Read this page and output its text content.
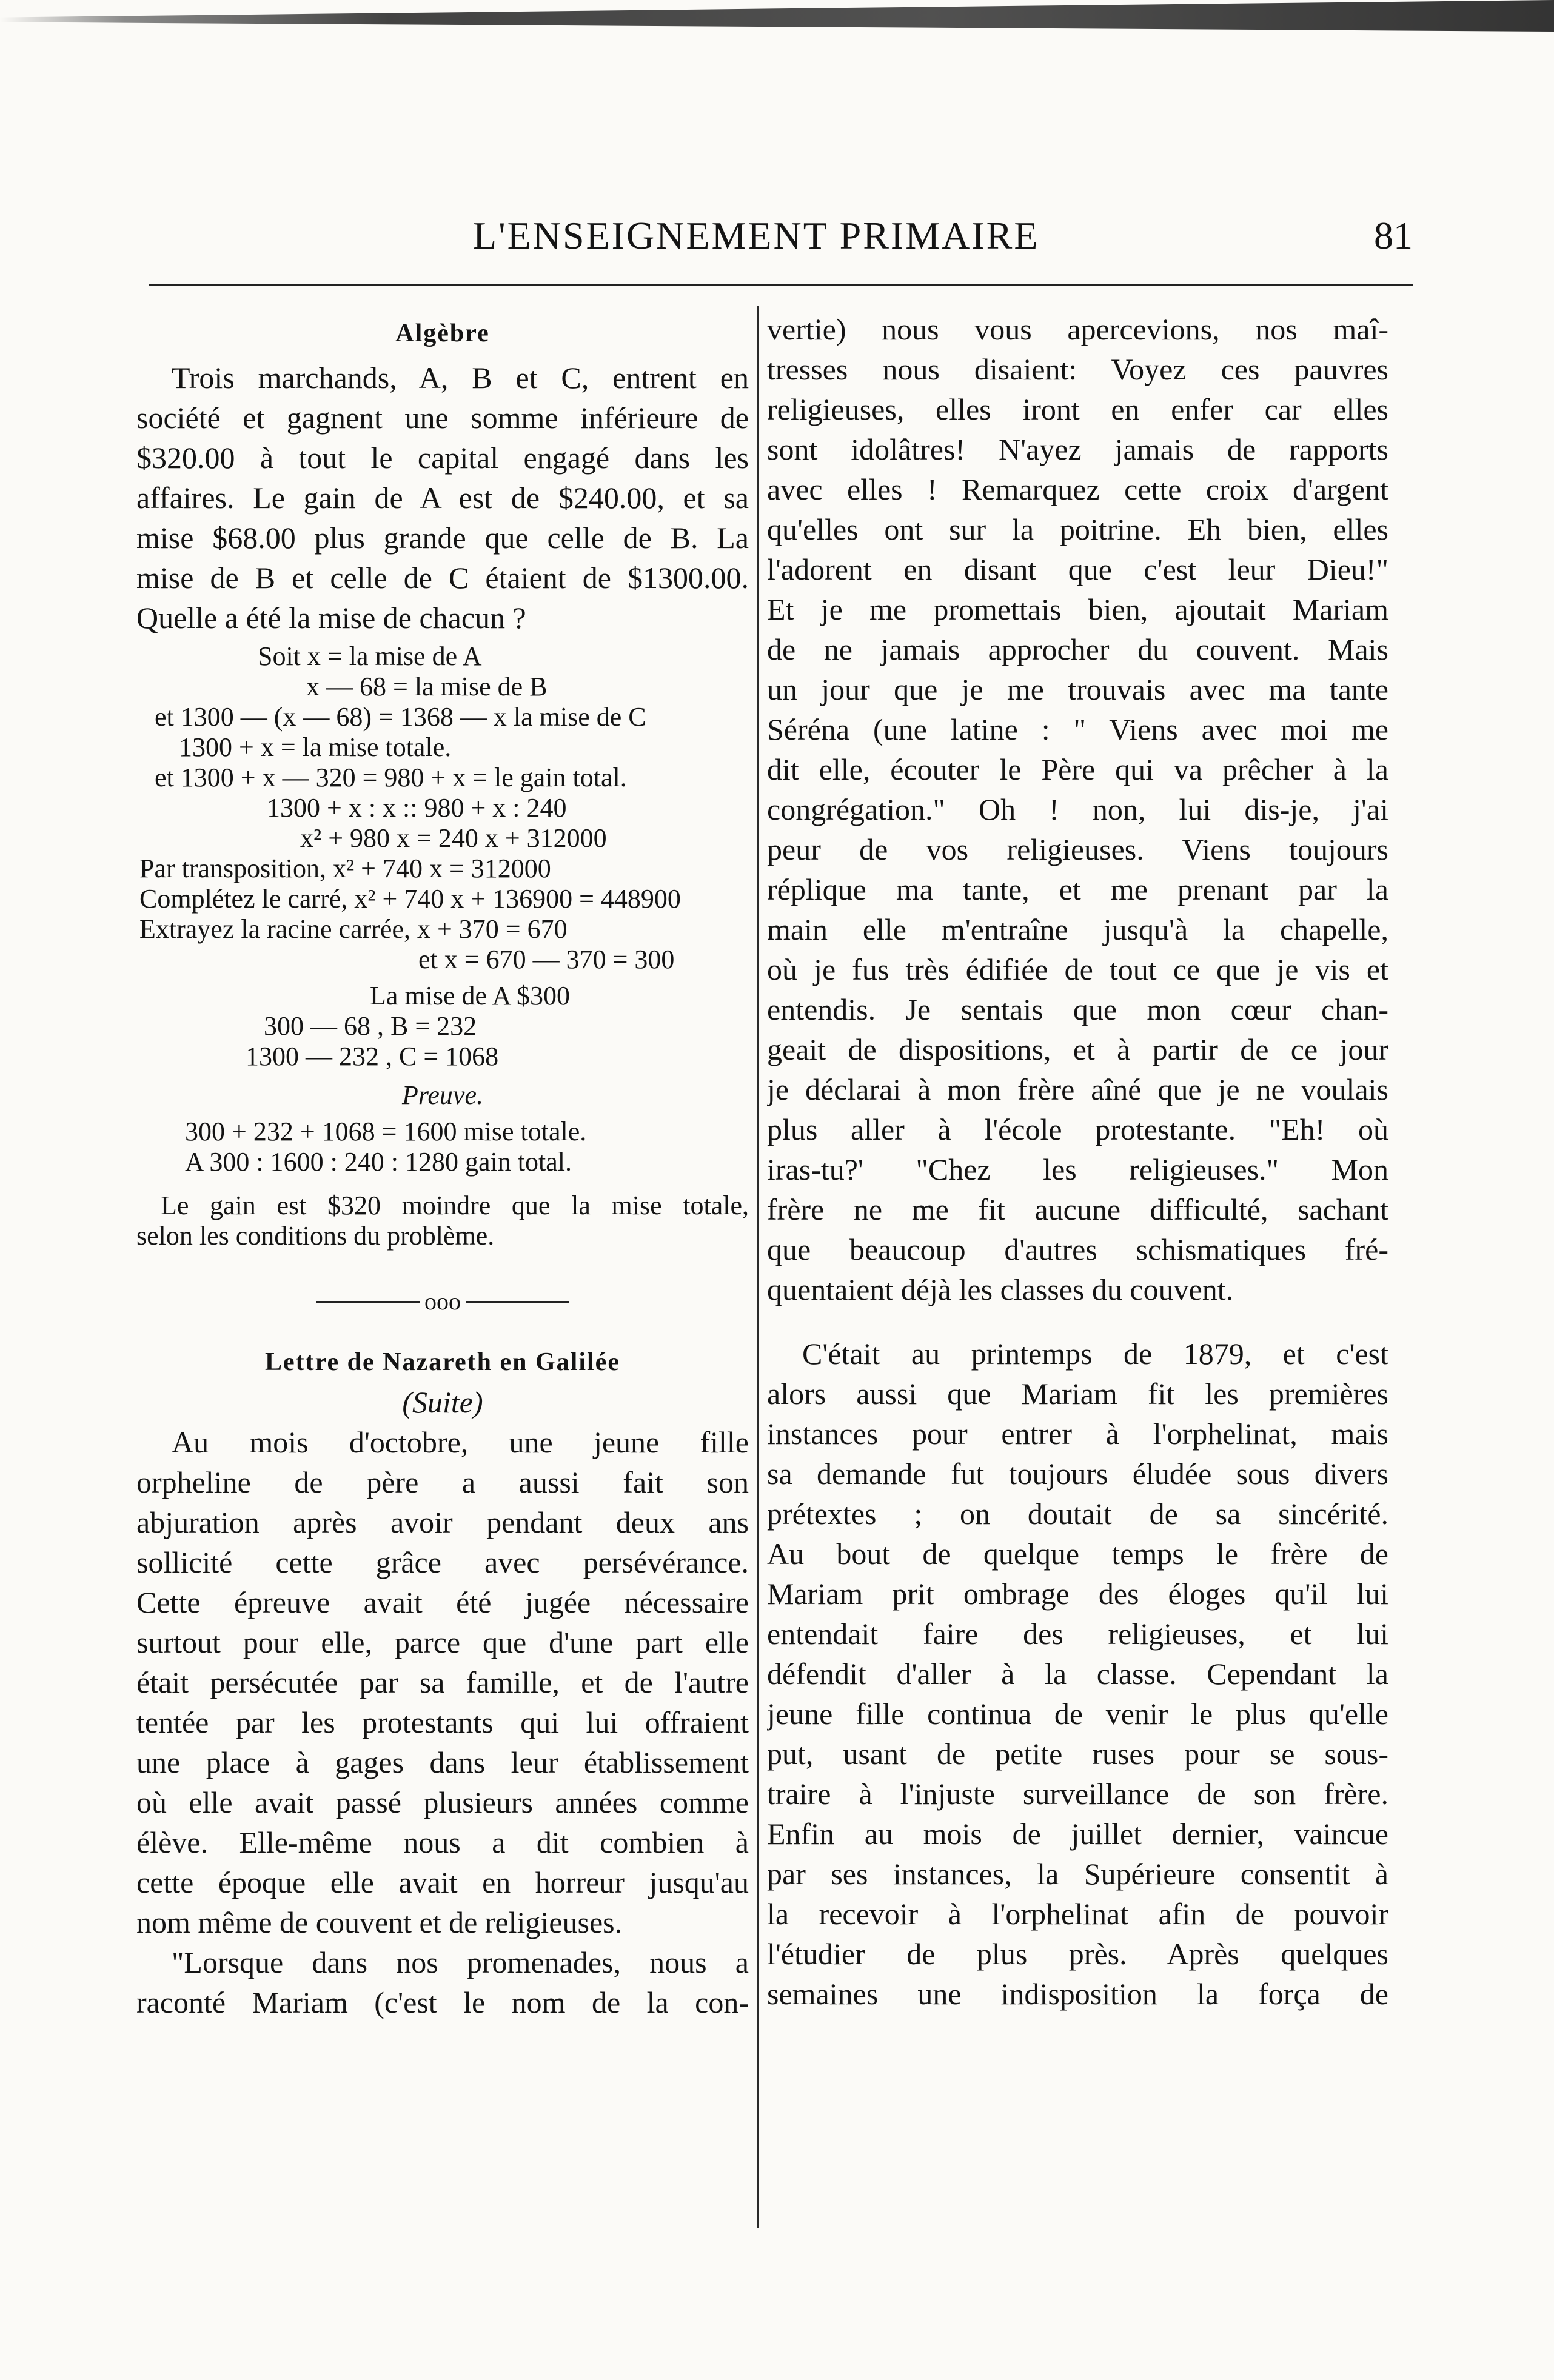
L'ENSEIGNEMENT PRIMAIRE	81
Algèbre
Trois marchands, A, B et C, entrent en
société et gagnent une somme inférieure de
$320.00 à tout le capital engagé dans les
affaires. Le gain de A est de $240.00, et sa
mise $68.00 plus grande que celle de B. La
mise de B et celle de C étaient de $1300.00.
Quelle a été la mise de chacun ?
Soit x = la mise de A
x — 68 = la mise de B
et 1300 — (x — 68) = 1368 — x la mise de C
1300 + x = la mise totale.
et 1300 + x — 320 = 980 + x = le gain total.
1300 + x : x :: 980 + x : 240
x² + 980 x = 240 x + 312000
Par transposition, x² + 740 x = 312000
Complétez le carré, x² + 740 x + 136900 = 448900
Extrayez la racine carrée, x + 370 = 670
et x = 670 — 370 = 300
La mise de A $300
300 — 68 , B = 232
1300 — 232 , C = 1068
Preuve.
300 + 232 + 1068 = 1600 mise totale.
A 300 : 1600 : 240 : 1280 gain total.
Le gain est $320 moindre que la mise totale,
selon les conditions du problème.
ooo
Lettre de Nazareth en Galilée
(Suite)
Au mois d'octobre, une jeune fille
orpheline de père a aussi fait son
abjuration après avoir pendant deux ans
sollicité cette grâce avec persévérance.
Cette épreuve avait été jugée nécessaire
surtout pour elle, parce que d'une part elle
était persécutée par sa famille, et de l'autre
tentée par les protestants qui lui offraient
une place à gages dans leur établissement
où elle avait passé plusieurs années comme
élève. Elle-même nous a dit combien à
cette époque elle avait en horreur jusqu'au
nom même de couvent et de religieuses.
"Lorsque dans nos promenades, nous a
raconté Mariam (c'est le nom de la con-
vertie) nous vous apercevions, nos maî-
tresses nous disaient: Voyez ces pauvres
religieuses, elles iront en enfer car elles
sont idolâtres! N'ayez jamais de rapports
avec elles ! Remarquez cette croix d'argent
qu'elles ont sur la poitrine. Eh bien, elles
l'adorent en disant que c'est leur Dieu!"
Et je me promettais bien, ajoutait Mariam
de ne jamais approcher du couvent. Mais
un jour que je me trouvais avec ma tante
Séréna (une latine : " Viens avec moi me
dit elle, écouter le Père qui va prêcher à la
congrégation." Oh ! non, lui dis-je, j'ai
peur de vos religieuses. Viens toujours
réplique ma tante, et me prenant par la
main elle m'entraîne jusqu'à la chapelle,
où je fus très édifiée de tout ce que je vis et
entendis. Je sentais que mon cœur chan-
geait de dispositions, et à partir de ce jour
je déclarai à mon frère aîné que je ne voulais
plus aller à l'école protestante. "Eh! où
iras-tu?' "Chez les religieuses." Mon
frère ne me fit aucune difficulté, sachant
que beaucoup d'autres schismatiques fré-
quentaient déjà les classes du couvent.
C'était au printemps de 1879, et c'est
alors aussi que Mariam fit les premières
instances pour entrer à l'orphelinat, mais
sa demande fut toujours éludée sous divers
prétextes ; on doutait de sa sincérité.
Au bout de quelque temps le frère de
Mariam prit ombrage des éloges qu'il lui
entendait faire des religieuses, et lui
défendit d'aller à la classe. Cependant la
jeune fille continua de venir le plus qu'elle
put, usant de petite ruses pour se sous-
traire à l'injuste surveillance de son frère.
Enfin au mois de juillet dernier, vaincue
par ses instances, la Supérieure consentit à
la recevoir à l'orphelinat afin de pouvoir
l'étudier de plus près. Après quelques
semaines une indisposition la força de
